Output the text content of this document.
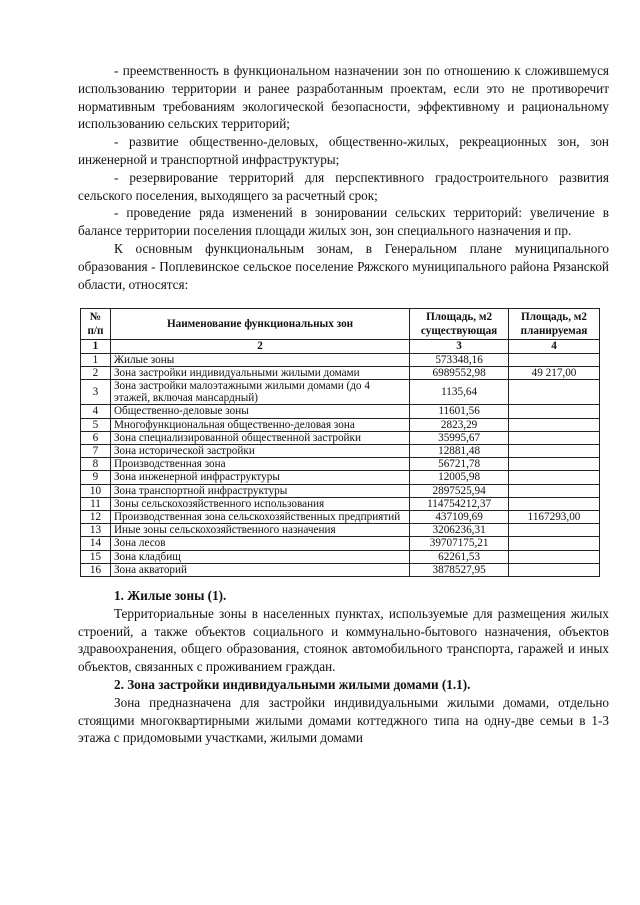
- преемственность в функциональном назначении зон по отношению к сложившемуся использованию территории и ранее разработанным проектам, если это не противоречит нормативным требованиям экологической безопасности, эффективному и рациональному использованию сельских территорий;

- развитие общественно-деловых, общественно-жилых, рекреационных зон, зон инженерной и транспортной инфраструктуры;

- резервирование территорий для перспективного градостроительного развития сельского поселения, выходящего за расчетный срок;

- проведение ряда изменений в зонировании сельских территорий: увеличение в балансе территории поселения площади жилых зон, зон специального назначения и пр.

К основным функциональным зонам, в Генеральном плане муниципального образования - Поплевинское сельское поселение Ряжского муниципального района Рязанской области, относятся:

№ п/п	Наименование функциональных зон	Площадь, м2 существующая	Площадь, м2 планируемая
1	2	3	4
1	Жилые зоны	573348,16	
2	Зона застройки индивидуальными жилыми домами	6989552,98	49 217,00
3	Зона застройки малоэтажными жилыми домами (до 4 этажей, включая мансардный)	1135,64	
4	Общественно-деловые зоны	11601,56	
5	Многофункциональная общественно-деловая зона	2823,29	
6	Зона специализированной общественной застройки	35995,67	
7	Зона исторической застройки	12881,48	
8	Производственная зона	56721,78	
9	Зона инженерной инфраструктуры	12005,98	
10	Зона транспортной инфраструктуры	2897525,94	
11	Зоны сельскохозяйственного использования	114754212,37	
12	Производственная зона сельскохозяйственных предприятий	437109,69	1167293,00
13	Иные зоны сельскохозяйственного назначения	3206236,31	
14	Зона лесов	39707175,21	
15	Зона кладбищ	62261,53	
16	Зона акваторий	3878527,95	

1. Жилые зоны (1).

Территориальные зоны в населенных пунктах, используемые для размещения жилых строений, а также объектов социального и коммунально-бытового назначения, объектов здравоохранения, общего образования, стоянок автомобильного транспорта, гаражей и иных объектов, связанных с проживанием граждан.

2. Зона застройки индивидуальными жилыми домами (1.1).

Зона предназначена для застройки индивидуальными жилыми домами, отдельно стоящими многоквартирными жилыми домами коттеджного типа на одну-две семьи в 1-3 этажа с придомовыми участками, жилыми домами
